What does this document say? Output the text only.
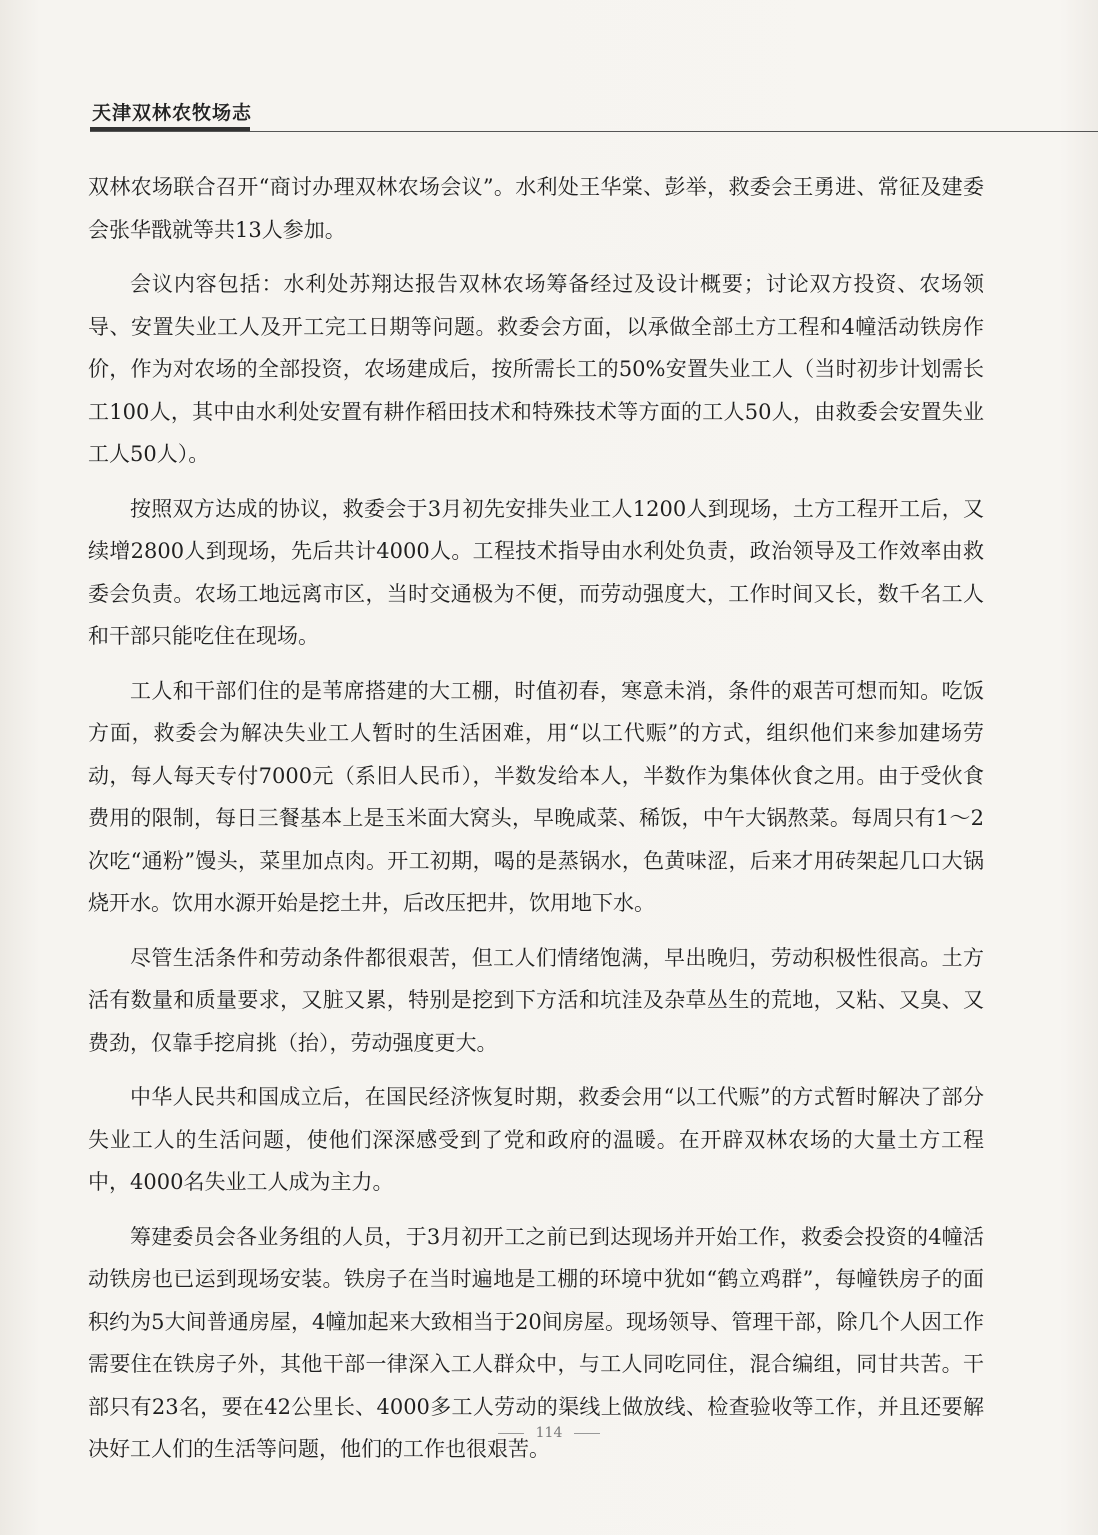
天津双林农牧场志

双林农场联合召开“商讨办理双林农场会议”。水利处王华棠、彭举，救委会王勇进、常征及建委会张华戬就等共13人参加。

会议内容包括：水利处苏翔达报告双林农场筹备经过及设计概要；讨论双方投资、农场领导、安置失业工人及开工完工日期等问题。救委会方面，以承做全部土方工程和4幢活动铁房作价，作为对农场的全部投资，农场建成后，按所需长工的50%安置失业工人（当时初步计划需长工100人，其中由水利处安置有耕作稻田技术和特殊技术等方面的工人50人，由救委会安置失业工人50人）。

按照双方达成的协议，救委会于3月初先安排失业工人1200人到现场，土方工程开工后，又续增2800人到现场，先后共计4000人。工程技术指导由水利处负责，政治领导及工作效率由救委会负责。农场工地远离市区，当时交通极为不便，而劳动强度大，工作时间又长，数千名工人和干部只能吃住在现场。

工人和干部们住的是苇席搭建的大工棚，时值初春，寒意未消，条件的艰苦可想而知。吃饭方面，救委会为解决失业工人暂时的生活困难，用“以工代赈”的方式，组织他们来参加建场劳动，每人每天专付7000元（系旧人民币），半数发给本人，半数作为集体伙食之用。由于受伙食费用的限制，每日三餐基本上是玉米面大窝头，早晚咸菜、稀饭，中午大锅熬菜。每周只有1～2次吃“通粉”馒头，菜里加点肉。开工初期，喝的是蒸锅水，色黄味涩，后来才用砖架起几口大锅烧开水。饮用水源开始是挖土井，后改压把井，饮用地下水。

尽管生活条件和劳动条件都很艰苦，但工人们情绪饱满，早出晚归，劳动积极性很高。土方活有数量和质量要求，又脏又累，特别是挖到下方活和坑洼及杂草丛生的荒地，又粘、又臭、又费劲，仅靠手挖肩挑（抬），劳动强度更大。

中华人民共和国成立后，在国民经济恢复时期，救委会用“以工代赈”的方式暂时解决了部分失业工人的生活问题，使他们深深感受到了党和政府的温暖。在开辟双林农场的大量土方工程中，4000名失业工人成为主力。

筹建委员会各业务组的人员，于3月初开工之前已到达现场并开始工作，救委会投资的4幢活动铁房也已运到现场安装。铁房子在当时遍地是工棚的环境中犹如“鹤立鸡群”，每幢铁房子的面积约为5大间普通房屋，4幢加起来大致相当于20间房屋。现场领导、管理干部，除几个人因工作需要住在铁房子外，其他干部一律深入工人群众中，与工人同吃同住，混合编组，同甘共苦。干部只有23名，要在42公里长、4000多工人劳动的渠线上做放线、检查验收等工作，并且还要解决好工人们的生活等问题，他们的工作也很艰苦。

114
